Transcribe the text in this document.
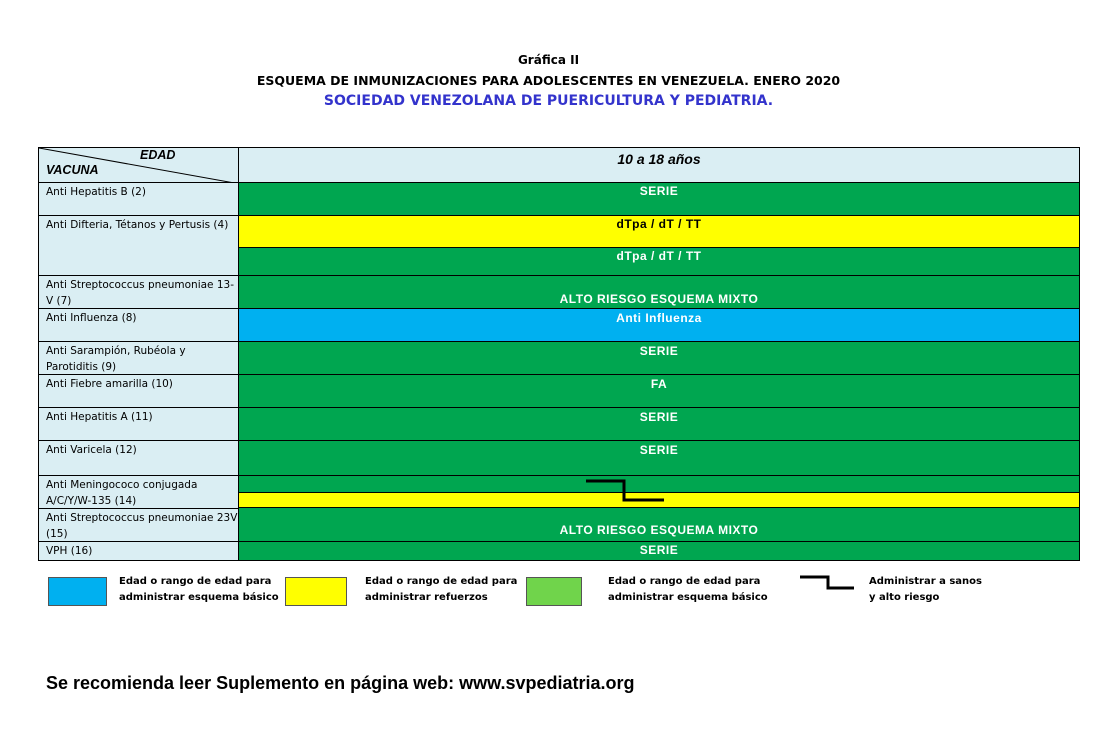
Gráfica II
ESQUEMA DE INMUNIZACIONES PARA ADOLESCENTES EN VENEZUELA. ENERO 2020
SOCIEDAD VENEZOLANA DE PUERICULTURA Y PEDIATRIA.
EDAD
VACUNA
10 a 18 años
Anti Hepatitis B (2)
Anti Difteria, Tétanos y Pertusis (4)
Anti Streptococcus pneumoniae 13-V (7)
Anti Influenza (8)
Anti Sarampión, Rubéola y Parotiditis (9)
Anti Fiebre amarilla (10)
Anti Hepatitis A (11)
Anti Varicela (12)
Anti Meningococo conjugada A/C/Y/W-135 (14)
Anti Streptococcus pneumoniae 23V (15)
VPH (16)
SERIE
dTpa / dT / TT
dTpa / dT / TT
ALTO RIESGO ESQUEMA MIXTO
Anti Influenza
SERIE
FA
SERIE
SERIE
ALTO RIESGO ESQUEMA MIXTO
SERIE
Edad o rango de edad para
administrar esquema básico
Edad o rango de edad para
administrar refuerzos
Edad o rango de edad para
administrar esquema básico
Administrar a sanos
y alto riesgo
Se recomienda leer Suplemento en página web: www.svpediatria.org
